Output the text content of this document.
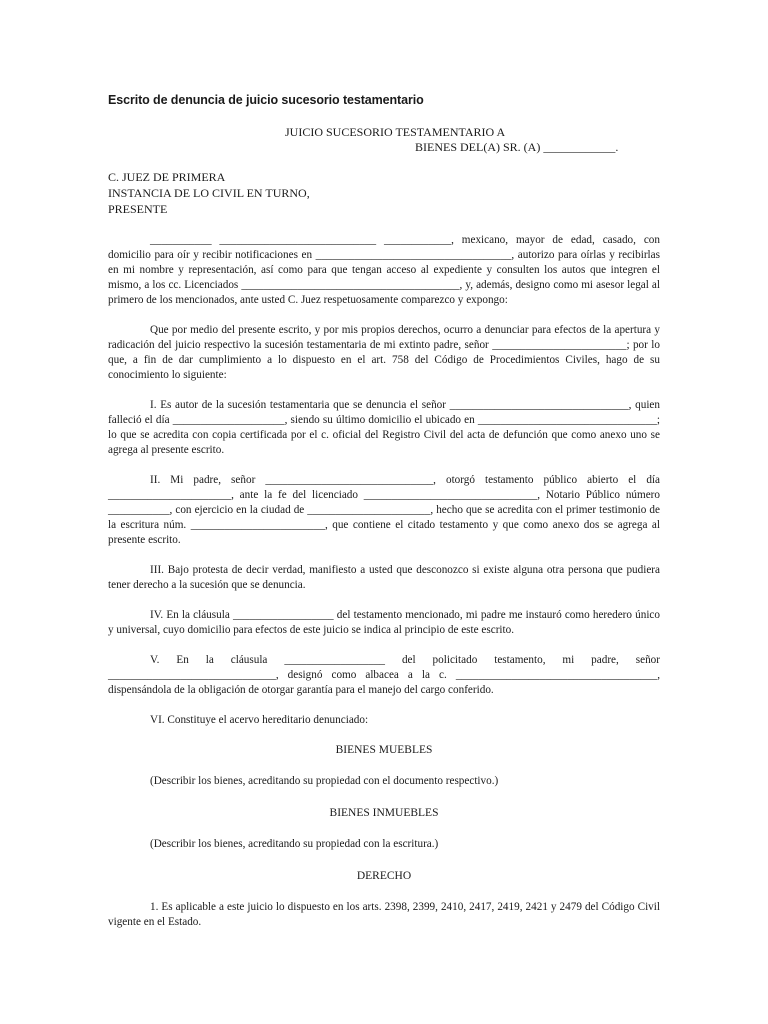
Escrito de denuncia de juicio sucesorio testamentario
JUICIO SUCESORIO TESTAMENTARIO A
BIENES DEL(A) SR. (A) ____________.
C. JUEZ DE PRIMERA
INSTANCIA DE LO CIVIL EN TURNO,
PRESENTE

___________ ____________________________ ____________, mexicano, mayor de edad, casado, con domicilio para oír y recibir notificaciones en ___________________________________, autorizo para oírlas y recibirlas en mi nombre y representación, así como para que tengan acceso al expediente y consulten los autos que integren el mismo, a los cc. Licenciados _______________________________________, y, además, designo como mi asesor legal al primero de los mencionados, ante usted C. Juez respetuosamente comparezco y expongo:

Que por medio del presente escrito, y por mis propios derechos, ocurro a denunciar para efectos de la apertura y radicación del juicio respectivo la sucesión testamentaria de mi extinto padre, señor ________________________; por lo que, a fin de dar cumplimiento a lo dispuesto en el art. 758 del Código de Procedimientos Civiles, hago de su conocimiento lo siguiente:

I. Es autor de la sucesión testamentaria que se denuncia el señor ________________________________, quien falleció el día ____________________, siendo su último domicilio el ubicado en ________________________________; lo que se acredita con copia certificada por el c. oficial del Registro Civil del acta de defunción que como anexo uno se agrega al presente escrito.

II. Mi padre, señor ______________________________, otorgó testamento público abierto el día ______________________, ante la fe del licenciado _______________________________, Notario Público número ___________, con ejercicio en la ciudad de ______________________, hecho que se acredita con el primer testimonio de la escritura núm. ________________________, que contiene el citado testamento y que como anexo dos se agrega al presente escrito.

III. Bajo protesta de decir verdad, manifiesto a usted que desconozco si existe alguna otra persona que pudiera tener derecho a la sucesión que se denuncia.

IV. En la cláusula __________________ del testamento mencionado, mi padre me instauró como heredero único y universal, cuyo domicilio para efectos de este juicio se indica al principio de este escrito.

V. En la cláusula __________________ del policitado testamento, mi padre, señor ______________________________, designó como albacea a la c. ____________________________________, dispensándola de la obligación de otorgar garantía para el manejo del cargo conferido.

VI. Constituye el acervo hereditario denunciado:

BIENES MUEBLES
(Describir los bienes, acreditando su propiedad con el documento respectivo.)
BIENES INMUEBLES
(Describir los bienes, acreditando su propiedad con la escritura.)
DERECHO

1. Es aplicable a este juicio lo dispuesto en los arts. 2398, 2399, 2410, 2417, 2419, 2421 y 2479 del Código Civil vigente en el Estado.
